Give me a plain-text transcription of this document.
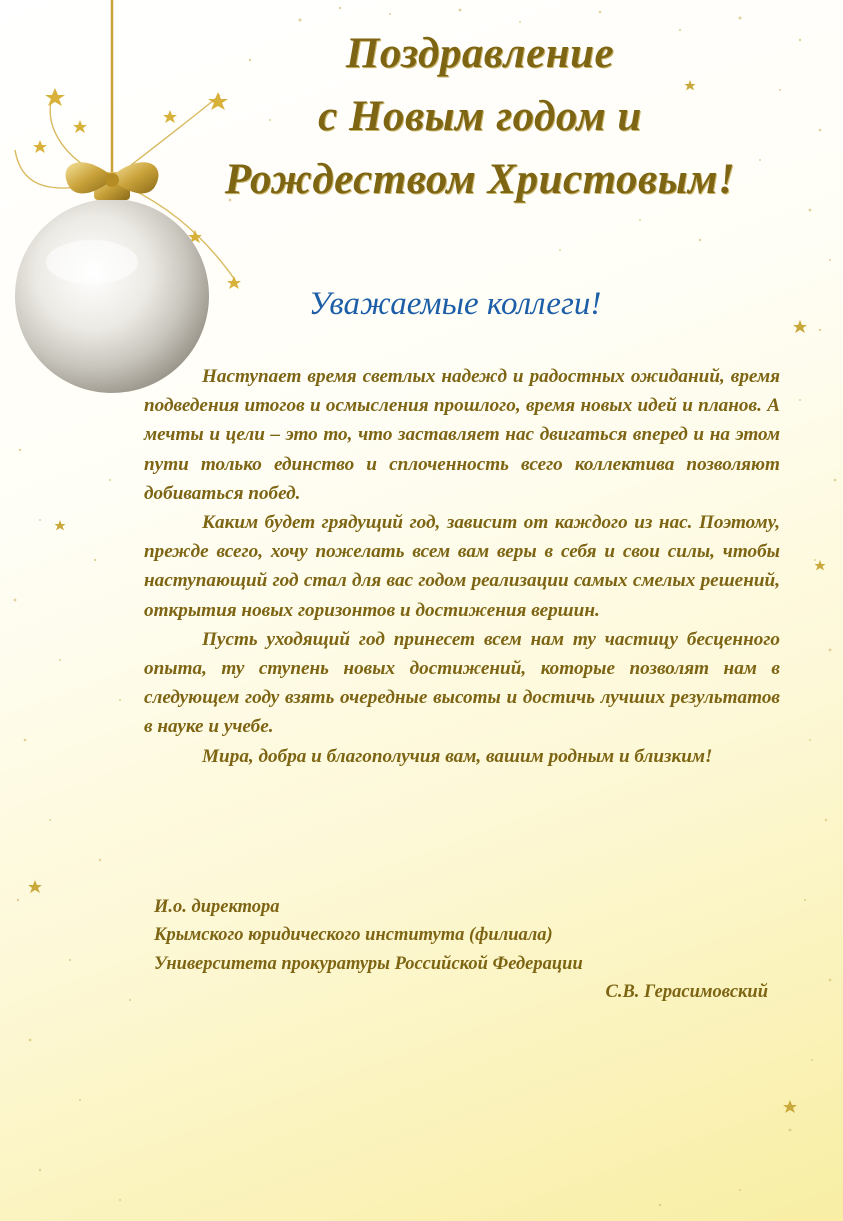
Поздравление
с Новым годом и
Рождеством Христовым!
Уважаемые коллеги!

Наступает время светлых надежд и радостных ожиданий, время подведения итогов и осмысления прошлого, время новых идей и планов. А мечты и цели – это то, что заставляет нас двигаться вперед и на этом пути только единство и сплоченность всего коллектива позволяют добиваться побед.

Каким будет грядущий год, зависит от каждого из нас. Поэтому, прежде всего, хочу пожелать всем вам веры в себя и свои силы, чтобы наступающий год стал для вас годом реализации самых смелых решений, открытия новых горизонтов и достижения вершин.

Пусть уходящий год принесет всем нам ту частицу бесценного опыта, ту ступень новых достижений, которые позволят нам в следующем году взять очередные высоты и достичь лучших результатов в науке и учебе.

Мира, добра и благополучия вам, вашим родным и близким!

И.о. директора
Крымского юридического института (филиала)
Университета прокуратуры Российской Федерации
С.В. Герасимовский
